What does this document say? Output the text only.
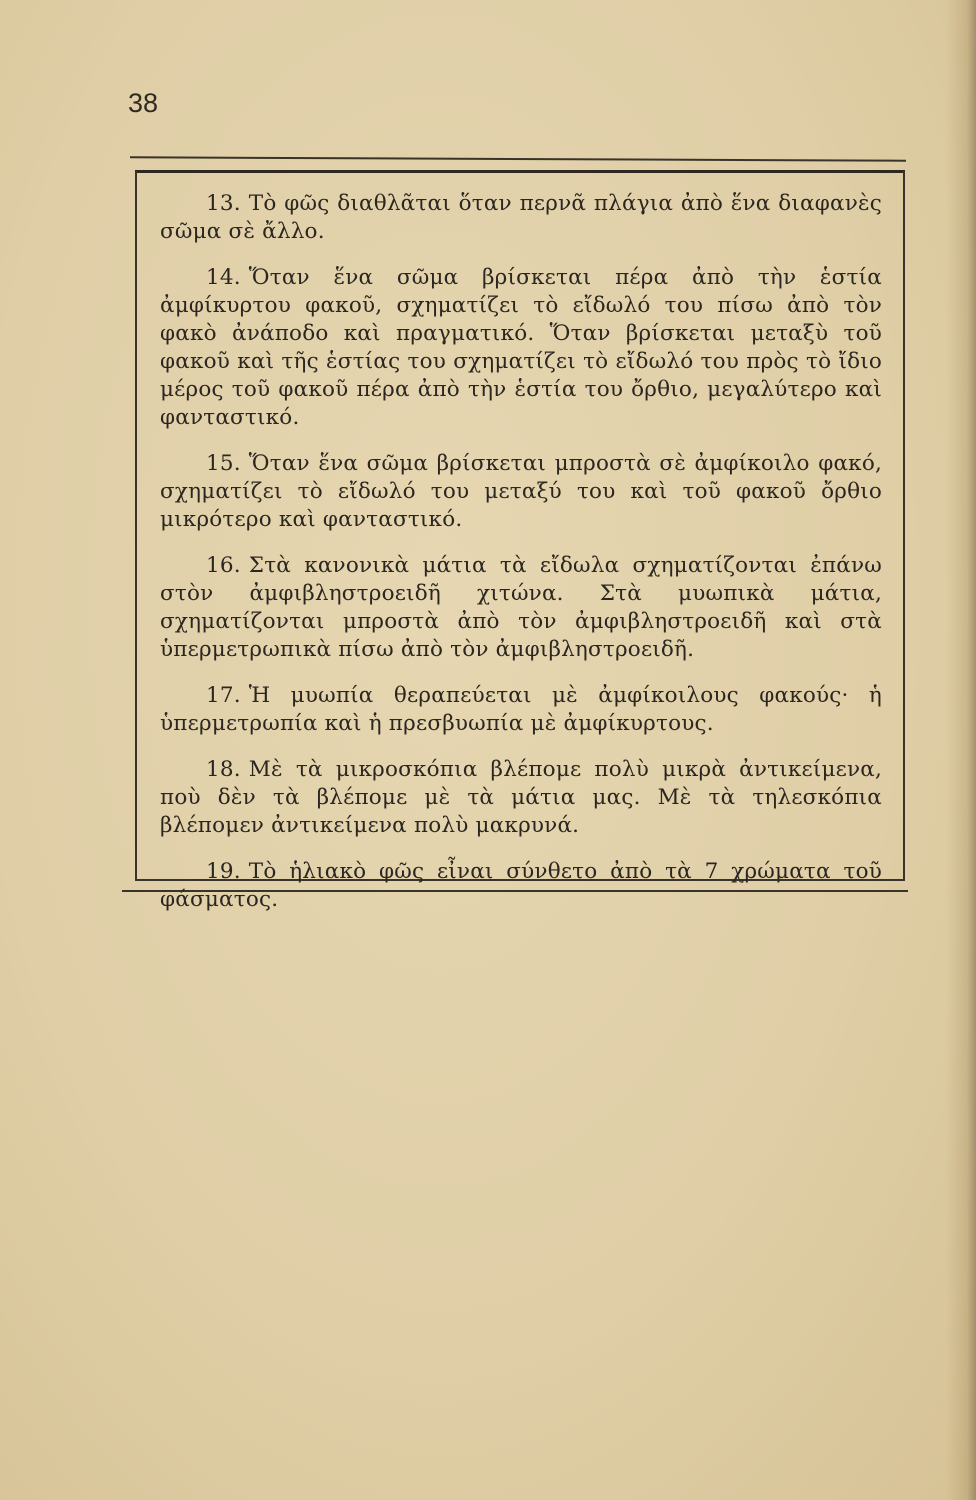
38

13. Τὸ φῶς διαθλᾶται ὅταν περνᾶ πλάγια ἀπὸ ἕνα διαφανὲς σῶμα σὲ ἄλλο.

14. Ὅταν ἕνα σῶμα βρίσκεται πέρα ἀπὸ τὴν ἑστία ἀμφίκυρτου φακοῦ, σχηματίζει τὸ εἴδωλό του πίσω ἀπὸ τὸν φακὸ ἀνάποδο καὶ πραγματικό. Ὅταν βρίσκεται μεταξὺ τοῦ φακοῦ καὶ τῆς ἑστίας του σχηματίζει τὸ εἴδωλό του πρὸς τὸ ἴδιο μέρος τοῦ φακοῦ πέρα ἀπὸ τὴν ἑστία του ὄρθιο, μεγαλύτερο καὶ φανταστικό.

15. Ὅταν ἕνα σῶμα βρίσκεται μπροστὰ σὲ ἀμφίκοιλο φακό, σχηματίζει τὸ εἴδωλό του μεταξύ του καὶ τοῦ φακοῦ ὄρθιο μικρότερο καὶ φανταστικό.

16. Στὰ κανονικὰ μάτια τὰ εἴδωλα σχηματίζονται ἐπάνω στὸν ἀμφιβληστροειδῆ χιτώνα. Στὰ μυωπικὰ μάτια, σχηματίζονται μπροστὰ ἀπὸ τὸν ἀμφιβληστροειδῆ καὶ στὰ ὑπερμετρωπικὰ πίσω ἀπὸ τὸν ἀμφιβληστροειδῆ.

17. Ἡ μυωπία θεραπεύεται μὲ ἀμφίκοιλους φακούς· ἡ ὑπερμετρωπία καὶ ἡ πρεσβυωπία μὲ ἀμφίκυρτους.

18. Μὲ τὰ μικροσκόπια βλέπομε πολὺ μικρὰ ἀντικείμενα, ποὺ δὲν τὰ βλέπομε μὲ τὰ μάτια μας. Μὲ τὰ τηλεσκόπια βλέπομεν ἀντικείμενα πολὺ μακρυνά.

19. Τὸ ἡλιακὸ φῶς εἶναι σύνθετο ἀπὸ τὰ 7 χρώματα τοῦ φάσματος.
